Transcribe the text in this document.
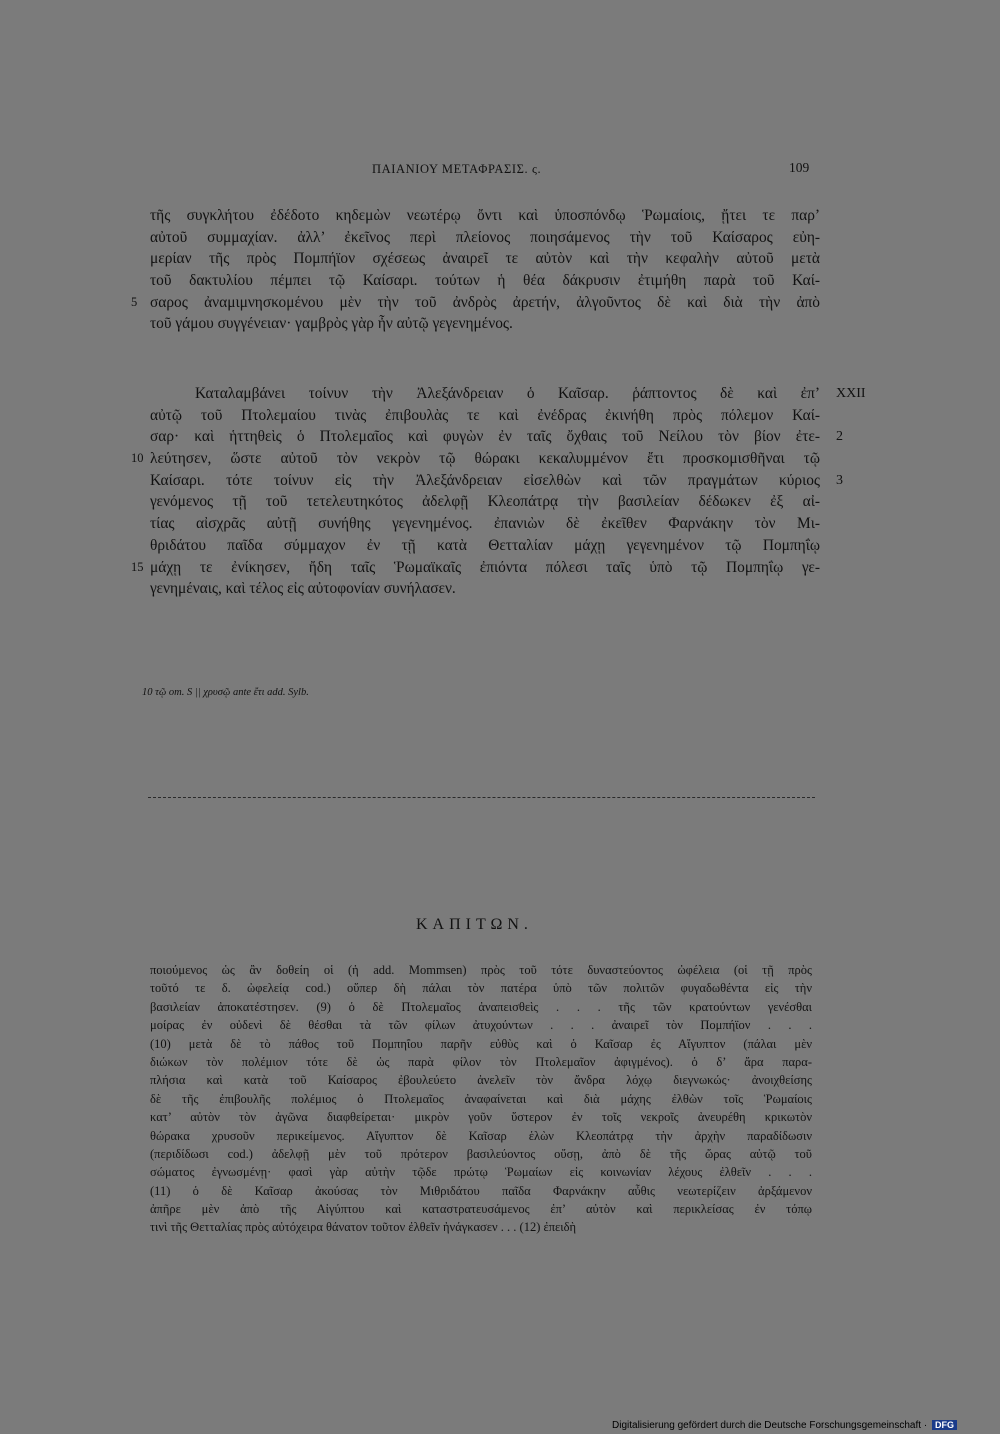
ΠΑΙΑΝΙΟΥ ΜΕΤΑΦΡΑΣΙΣ. ς.	109
τῆς συγκλήτου ἐδέδοτο κηδεμὼν νεωτέρῳ ὄντι καὶ ὑποσπόνδῳ Ῥωμαίοις, ᾔτει τε παρ’
αὐτοῦ συμμαχίαν. ἀλλ’ ἐκεῖνος περὶ πλείονος ποιησάμενος τὴν τοῦ Καίσαρος εὐη-
μερίαν τῆς πρὸς Πομπήϊον σχέσεως ἀναιρεῖ τε αὐτὸν καὶ τὴν κεφαλὴν αὐτοῦ μετὰ
τοῦ δακτυλίου πέμπει τῷ Καίσαρι. τούτων ἡ θέα δάκρυσιν ἐτιμήθη παρὰ τοῦ Καί-
σαρος ἀναμιμνησκομένου μὲν τὴν τοῦ ἀνδρὸς ἀρετήν, ἀλγοῦντος δὲ καὶ διὰ τὴν ἀπὸ
5
τοῦ γάμου συγγένειαν· γαμβρὸς γὰρ ἦν αὐτῷ γεγενημένος.
Καταλαμβάνει τοίνυν τὴν Ἀλεξάνδρειαν ὁ Καῖσαρ. ῥάπτοντος δὲ καὶ ἐπ’ XXII
αὐτῷ τοῦ Πτολεμαίου τινὰς ἐπιβουλὰς τε καὶ ἐνέδρας ἐκινήθη πρὸς πόλεμον Καί-
σαρ· καὶ ἡττηθεὶς ὁ Πτολεμαῖος καὶ φυγὼν ἐν ταῖς ὄχθαις τοῦ Νείλου τὸν βίον ἐτε- 2
λεύτησεν, ὥστε αὐτοῦ τὸν νεκρὸν τῷ θώρακι κεκαλυμμένον ἔτι προσκομισθῆναι τῷ
10
Καίσαρι. τότε τοίνυν εἰς τὴν Ἀλεξάνδρειαν εἰσελθὼν καὶ τῶν πραγμάτων κύριος 3
γενόμενος τῇ τοῦ τετελευτηκότος ἀδελφῇ Κλεοπάτρᾳ τὴν βασιλείαν δέδωκεν ἐξ αἰ-
τίας αἰσχρᾶς αὐτῇ συνήθης γεγενημένος. ἐπανιὼν δὲ ἐκεῖθεν Φαρνάκην τὸν Μι-
θριδάτου παῖδα σύμμαχον ἐν τῇ κατὰ Θετταλίαν μάχῃ γεγενημένον τῷ Πομπηΐῳ
μάχῃ τε ἐνίκησεν, ἤδη ταῖς Ῥωμαϊκαῖς ἐπιόντα πόλεσι ταῖς ὑπὸ τῷ Πομπηΐῳ γε-
15
γενημέναις, καὶ τέλος εἰς αὐτοφονίαν συνήλασεν.
10 τῷ om. S || χρυσῷ ante ἔτι add. Sylb.
ΚΑΠΙΤΩΝ.
ποιούμενος ὡς ἂν δοθείη οἱ (ἡ add. Mommsen) πρὸς τοῦ τότε δυναστεύοντος ὠφέλεια (οἱ τῇ πρὸς
τοῦτό τε δ. ὠφελείᾳ cod.) οὕπερ δὴ πάλαι τὸν πατέρα ὑπὸ τῶν πολιτῶν φυγαδωθέντα εἰς τὴν
βασιλείαν ἀποκατέστησεν. (9) ὁ δὲ Πτολεμαῖος ἀναπεισθεὶς . . . τῆς τῶν κρατούντων γενέσθαι
μοίρας ἐν οὐδενὶ δὲ θέσθαι τὰ τῶν φίλων ἀτυχούντων . . . ἀναιρεῖ τὸν Πομπήϊον . . .
(10) μετὰ δὲ τὸ πάθος τοῦ Πομπηΐου παρῆν εὐθὺς καὶ ὁ Καῖσαρ ἐς Αἴγυπτον (πάλαι μὲν
διώκων τὸν πολέμιον τότε δὲ ὡς παρὰ φίλον τὸν Πτολεμαῖον ἀφιγμένος). ὁ δ’ ἄρα παρα-
πλήσια καὶ κατὰ τοῦ Καίσαρος ἐβουλεύετο ἀνελεῖν τὸν ἄνδρα λόχῳ διεγνωκώς· ἀνοιχθείσης
δὲ τῆς ἐπιβουλῆς πολέμιος ὁ Πτολεμαῖος ἀναφαίνεται καὶ διὰ μάχης ἐλθὼν τοῖς Ῥωμαίοις
κατ’ αὐτὸν τὸν ἀγῶνα διαφθείρεται· μικρὸν γοῦν ὕστερον ἐν τοῖς νεκροῖς ἀνευρέθη κρικωτὸν
θώρακα χρυσοῦν περικείμενος. Αἴγυπτον δὲ Καῖσαρ ἑλὼν Κλεοπάτρᾳ τὴν ἀρχὴν παραδίδωσιν
(περιδίδωσι cod.) ἀδελφῇ μὲν τοῦ πρότερον βασιλεύοντος οὔσῃ, ἀπὸ δὲ τῆς ὥρας αὐτῷ τοῦ
σώματος ἐγνωσμένῃ· φασὶ γὰρ αὐτὴν τῷδε πρώτῳ Ῥωμαίων εἰς κοινωνίαν λέχους ἐλθεῖν . . .
(11) ὁ δὲ Καῖσαρ ἀκούσας τὸν Μιθριδάτου παῖδα Φαρνάκην αὖθις νεωτερίζειν ἀρξάμενον
ἀπῆρε μὲν ἀπὸ τῆς Αἰγύπτου καὶ καταστρατευσάμενος ἐπ’ αὐτὸν καὶ περικλείσας ἐν τόπῳ
τινὶ τῆς Θετταλίας πρὸς αὐτόχειρα θάνατον τοῦτον ἐλθεῖν ἠνάγκασεν . . . (12) ἐπειδὴ
Digitalisierung gefördert durch die Deutsche Forschungsgemeinschaft · DFG
